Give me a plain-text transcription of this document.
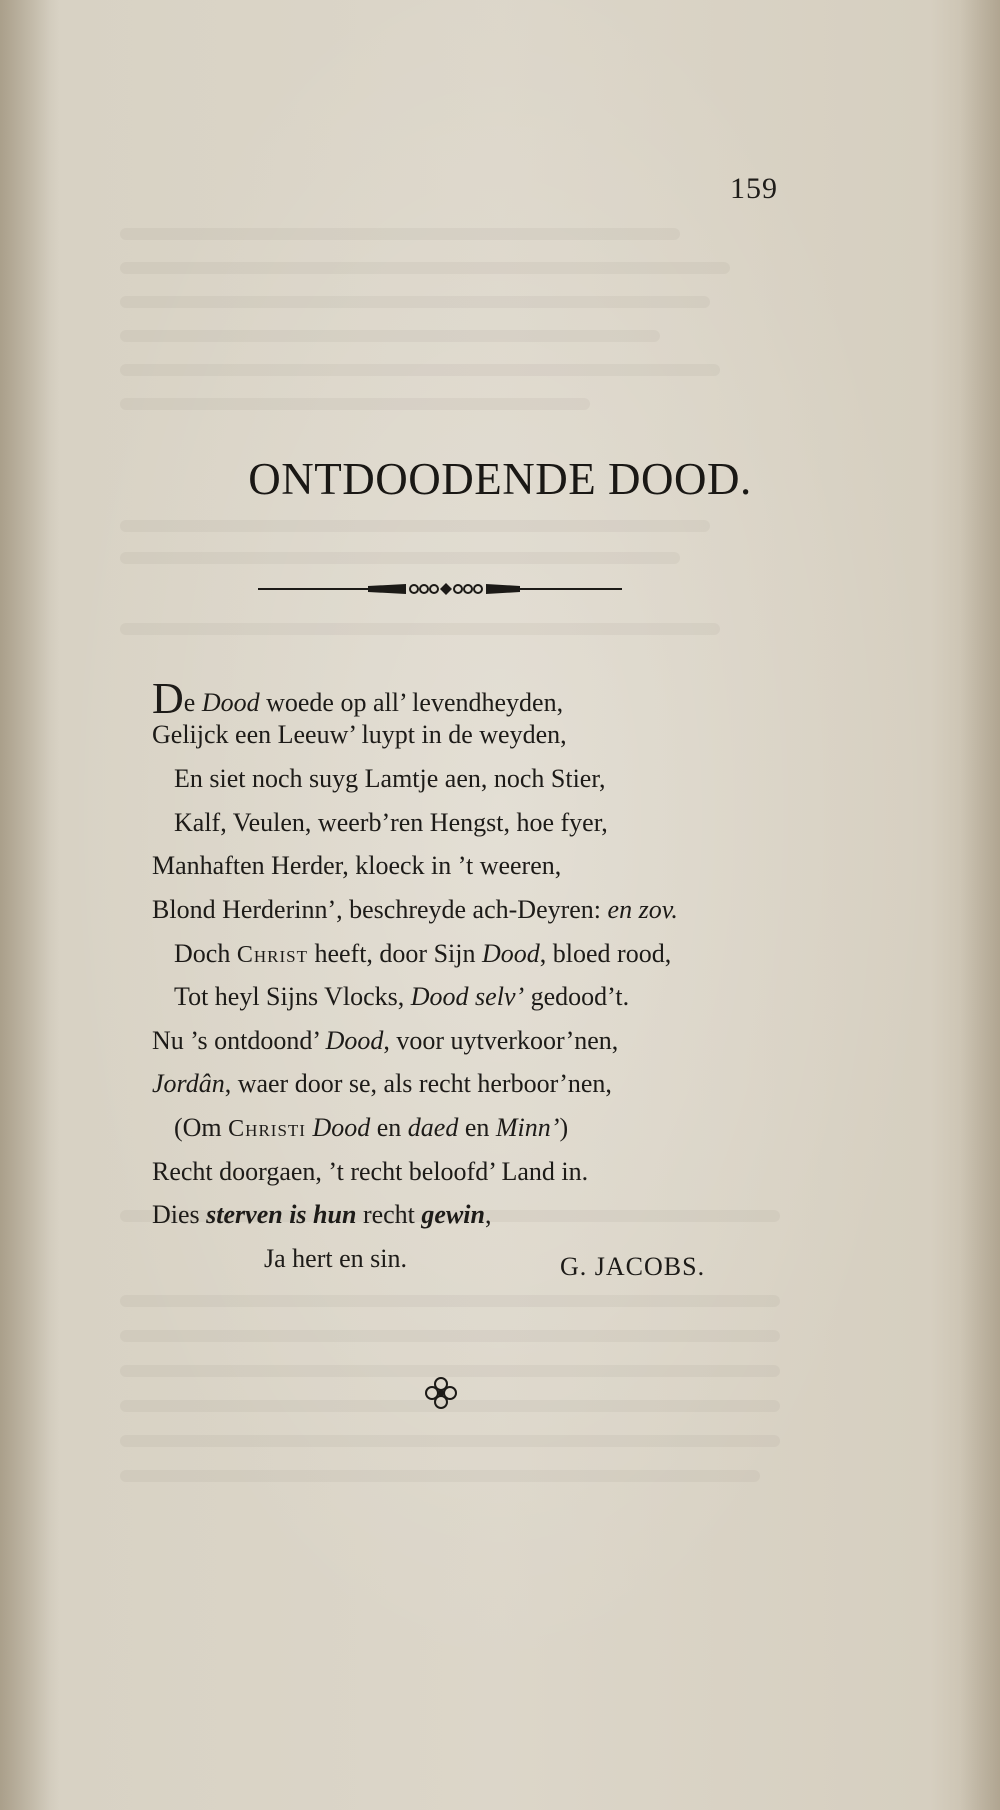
159
ONTDOODENDE DOOD.
De Dood woede op all’ levendheyden,
Gelijck een Leeuw’ luypt in de weyden,
En siet noch suyg Lamtje aen, noch Stier,
Kalf, Veulen, weerb’ren Hengst, hoe fyer,
Manhaften Herder, kloeck in ’t weeren,
Blond Herderinn’, beschreyde ach-Deyren: en zov.
Doch Christ heeft, door Sijn Dood, bloed rood,
Tot heyl Sijns Vlocks, Dood selv’ gedood’t.
Nu ’s ontdoond’ Dood, voor uytverkoor’nen,
Jordân, waer door se, als recht herboor’nen,
(Om Christi Dood en daed en Minn’)
Recht doorgaen, ’t recht beloofd’ Land in.
Dies sterven is hun recht gewin,
Ja hert en sin.	G. JACOBS.
